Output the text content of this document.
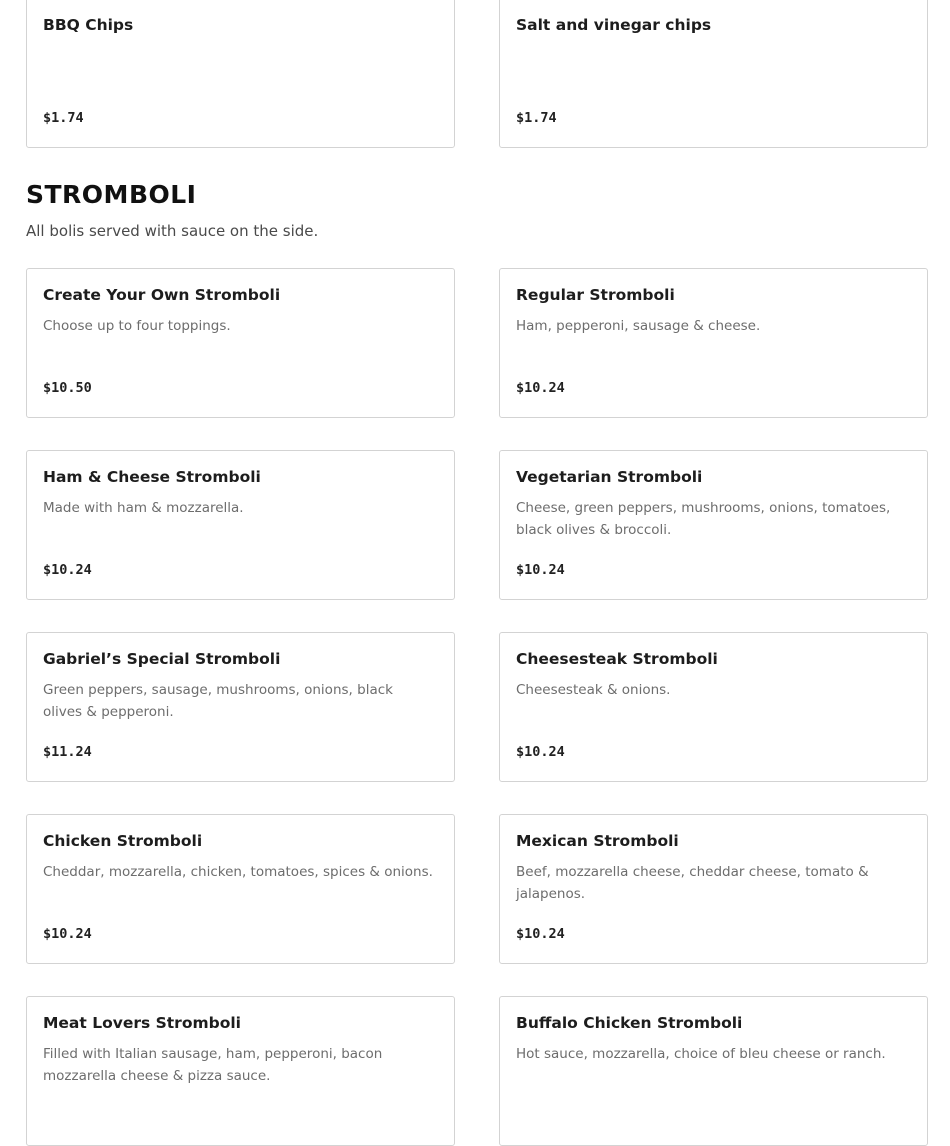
BBQ Chips
$1.74
Salt and vinegar chips
$1.74
STROMBOLI

All bolis served with sauce on the side.

Create Your Own Stromboli
Choose up to four toppings.
$10.50
Regular Stromboli
Ham, pepperoni, sausage & cheese.
$10.24
Ham & Cheese Stromboli
Made with ham & mozzarella.
$10.24
Vegetarian Stromboli
Cheese, green peppers, mushrooms, onions, tomatoes, black olives & broccoli.
$10.24
Gabriel’s Special Stromboli
Green peppers, sausage, mushrooms, onions, black olives & pepperoni.
$11.24
Cheesesteak Stromboli
Cheesesteak & onions.
$10.24
Chicken Stromboli
Cheddar, mozzarella, chicken, tomatoes, spices & onions.
$10.24
Mexican Stromboli
Beef, mozzarella cheese, cheddar cheese, tomato & jalapenos.
$10.24
Meat Lovers Stromboli
Filled with Italian sausage, ham, pepperoni, bacon mozzarella cheese & pizza sauce.
Buffalo Chicken Stromboli
Hot sauce, mozzarella, choice of bleu cheese or ranch.
